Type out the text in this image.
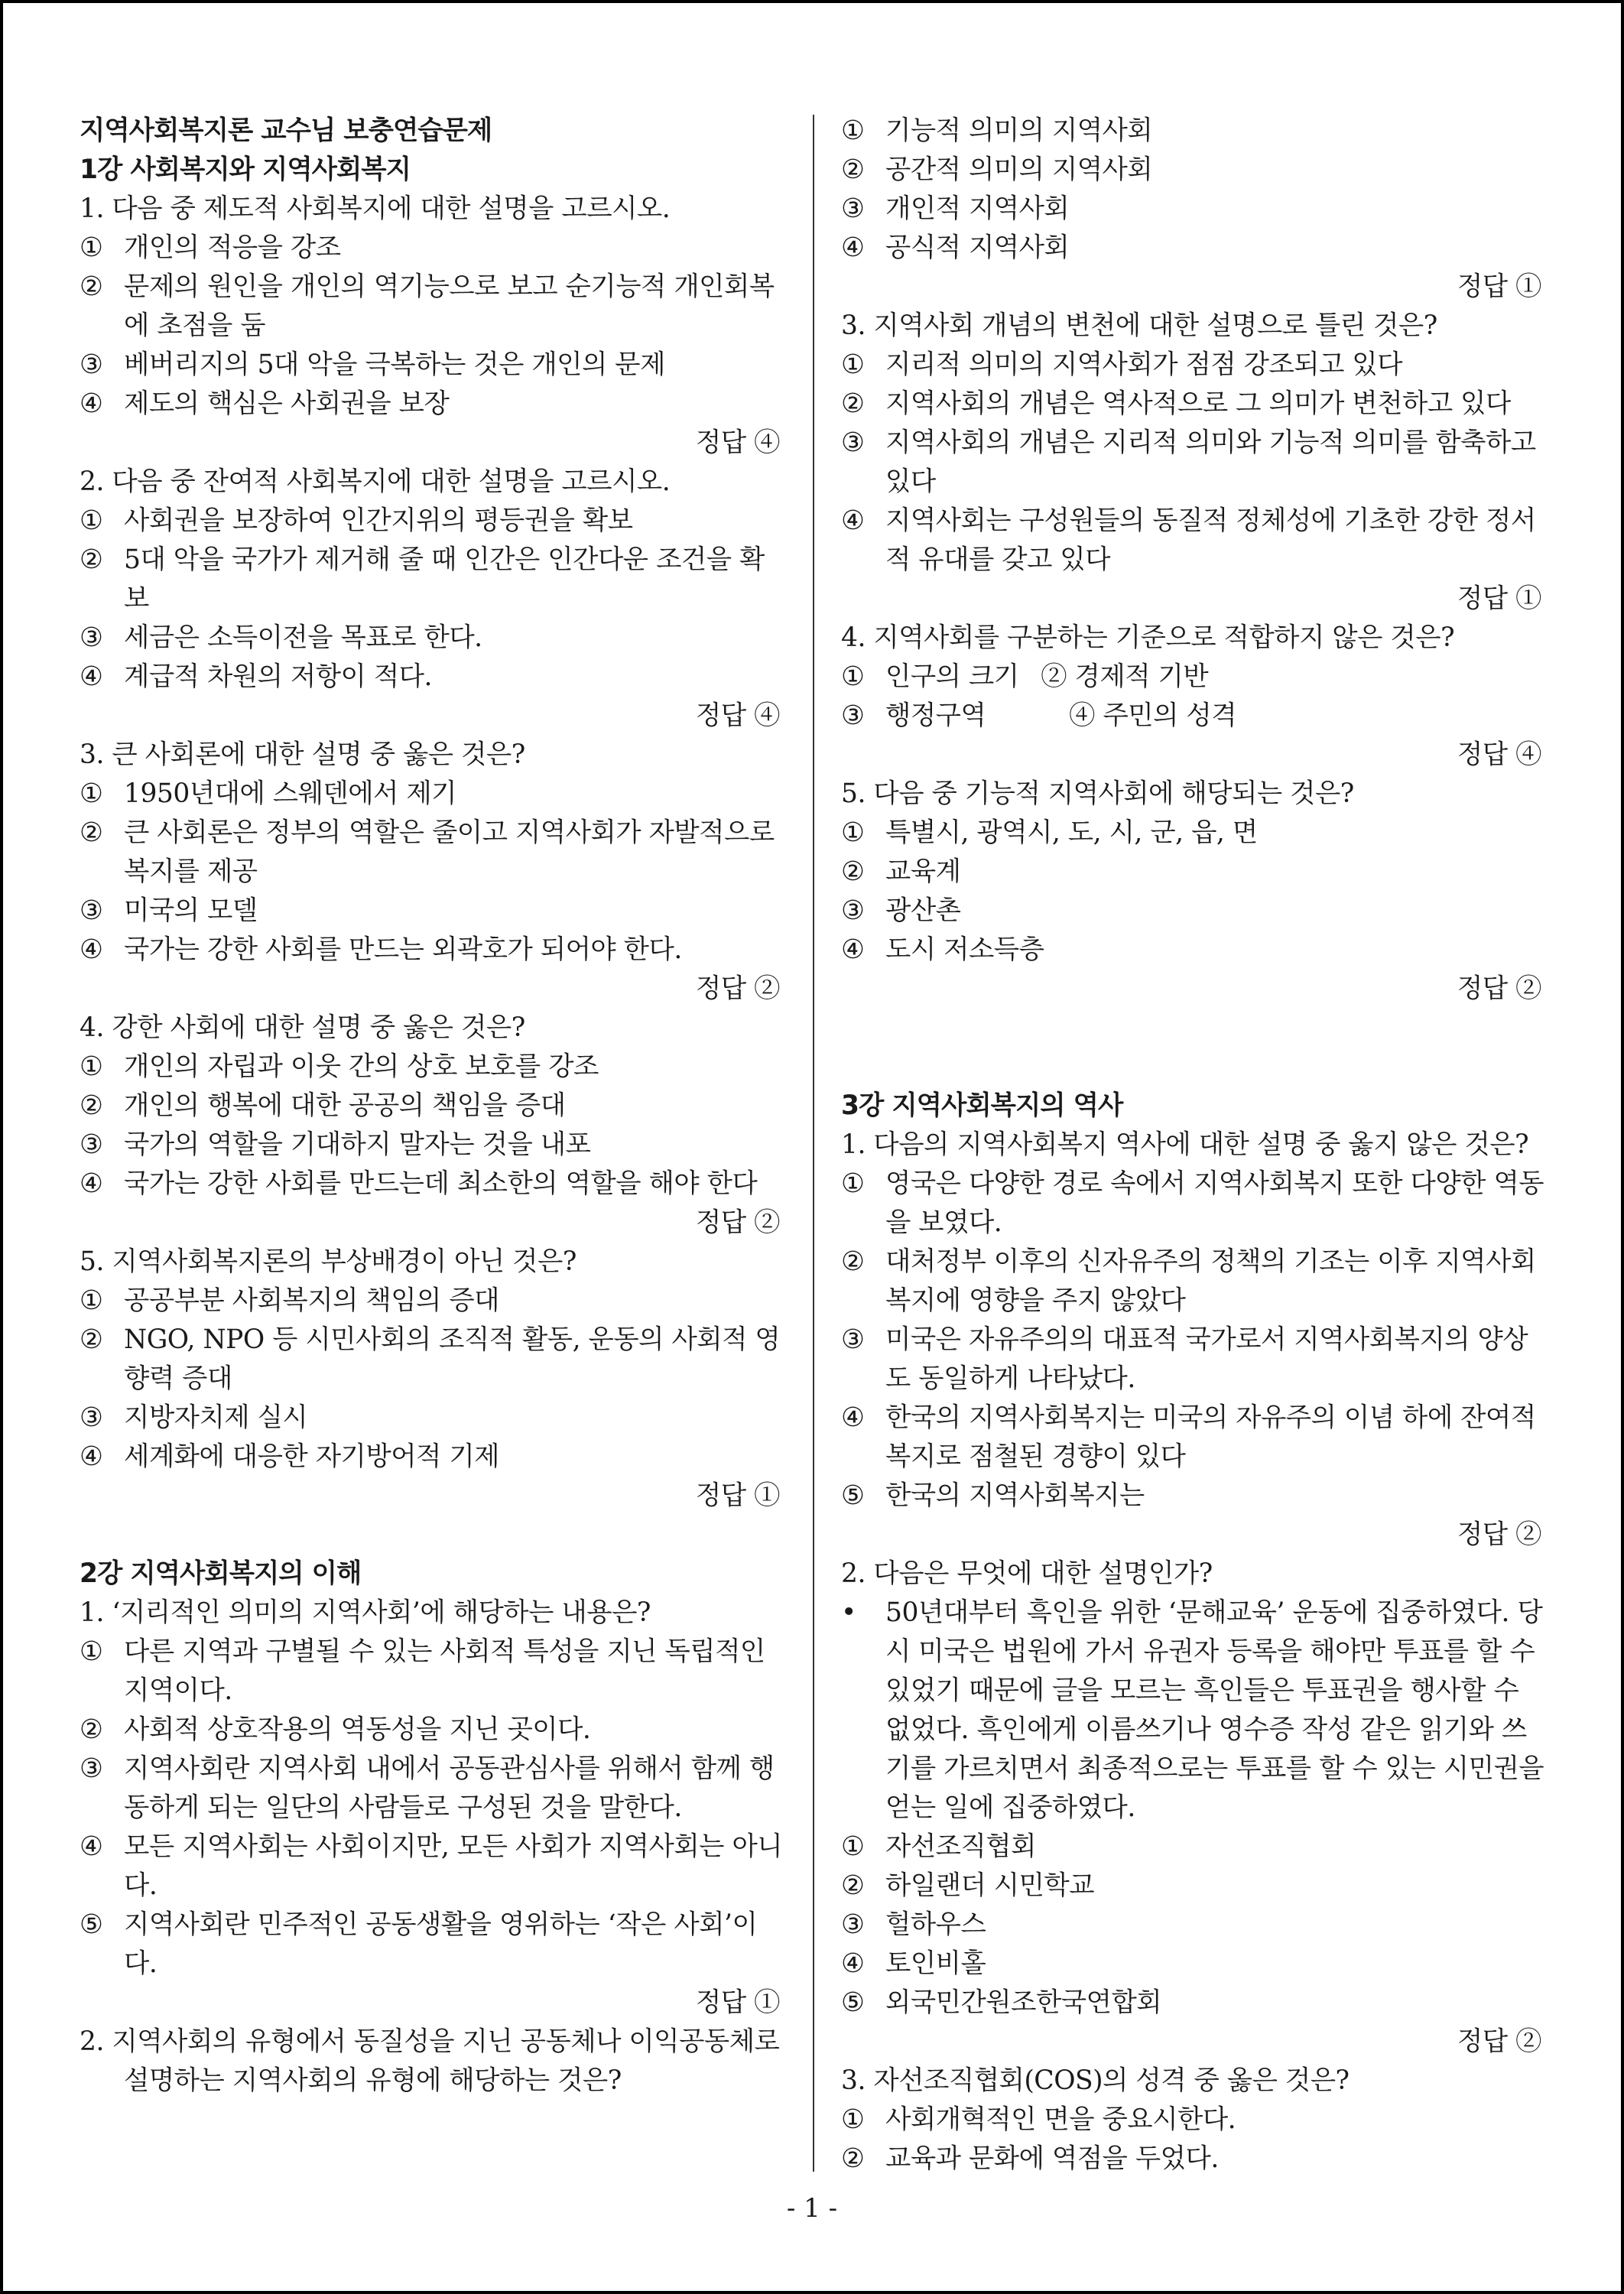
지역사회복지론 교수님 보충연습문제
1강 사회복지와 지역사회복지
1. 다음 중 제도적 사회복지에 대한 설명을 고르시오.
① 개인의 적응을 강조
② 문제의 원인을 개인의 역기능으로 보고 순기능적 개인회복에 초점을 둠
③ 베버리지의 5대 악을 극복하는 것은 개인의 문제
④ 제도의 핵심은 사회권을 보장
정답 ④
2. 다음 중 잔여적 사회복지에 대한 설명을 고르시오.
① 사회권을 보장하여 인간지위의 평등권을 확보
② 5대 악을 국가가 제거해 줄 때 인간은 인간다운 조건을 확보
③ 세금은 소득이전을 목표로 한다.
④ 계급적 차원의 저항이 적다.
정답 ④
3. 큰 사회론에 대한 설명 중 옳은 것은?
① 1950년대에 스웨덴에서 제기
② 큰 사회론은 정부의 역할은 줄이고 지역사회가 자발적으로 복지를 제공
③ 미국의 모델
④ 국가는 강한 사회를 만드는 외곽호가 되어야 한다.
정답 ②
4. 강한 사회에 대한 설명 중 옳은 것은?
① 개인의 자립과 이웃 간의 상호 보호를 강조
② 개인의 행복에 대한 공공의 책임을 증대
③ 국가의 역할을 기대하지 말자는 것을 내포
④ 국가는 강한 사회를 만드는데 최소한의 역할을 해야 한다
정답 ②
5. 지역사회복지론의 부상배경이 아닌 것은?
① 공공부분 사회복지의 책임의 증대
② NGO, NPO 등 시민사회의 조직적 활동, 운동의 사회적 영향력 증대
③ 지방자치제 실시
④ 세계화에 대응한 자기방어적 기제
정답 ①
2강 지역사회복지의 이해
1. ‘지리적인 의미의 지역사회’에 해당하는 내용은?
① 다른 지역과 구별될 수 있는 사회적 특성을 지닌 독립적인 지역이다.
② 사회적 상호작용의 역동성을 지닌 곳이다.
③ 지역사회란 지역사회 내에서 공동관심사를 위해서 함께 행동하게 되는 일단의 사람들로 구성된 것을 말한다.
④ 모든 지역사회는 사회이지만, 모든 사회가 지역사회는 아니다.
⑤ 지역사회란 민주적인 공동생활을 영위하는 ‘작은 사회’이다.
정답 ①
2. 지역사회의 유형에서 동질성을 지닌 공동체나 이익공동체로 설명하는 지역사회의 유형에 해당하는 것은?
① 기능적 의미의 지역사회
② 공간적 의미의 지역사회
③ 개인적 지역사회
④ 공식적 지역사회
정답 ①
3. 지역사회 개념의 변천에 대한 설명으로 틀린 것은?
① 지리적 의미의 지역사회가 점점 강조되고 있다
② 지역사회의 개념은 역사적으로 그 의미가 변천하고 있다
③ 지역사회의 개념은 지리적 의미와 기능적 의미를 함축하고 있다
④ 지역사회는 구성원들의 동질적 정체성에 기초한 강한 정서적 유대를 갖고 있다
정답 ①
4. 지역사회를 구분하는 기준으로 적합하지 않은 것은?
① 인구의 크기 ② 경제적 기반
③ 행정구역	④ 주민의 성격
정답 ④
5. 다음 중 기능적 지역사회에 해당되는 것은?
① 특별시, 광역시, 도, 시, 군, 읍, 면
② 교육계
③ 광산촌
④ 도시 저소득층
정답 ②
3강 지역사회복지의 역사
1. 다음의 지역사회복지 역사에 대한 설명 중 옳지 않은 것은?
① 영국은 다양한 경로 속에서 지역사회복지 또한 다양한 역동을 보였다.
② 대처정부 이후의 신자유주의 정책의 기조는 이후 지역사회복지에 영향을 주지 않았다
③ 미국은 자유주의의 대표적 국가로서 지역사회복지의 양상도 동일하게 나타났다.
④ 한국의 지역사회복지는 미국의 자유주의 이념 하에 잔여적복지로 점철된 경향이 있다
⑤ 한국의 지역사회복지는
정답 ②
2. 다음은 무엇에 대한 설명인가?
• 50년대부터 흑인을 위한 ‘문해교육’ 운동에 집중하였다. 당시 미국은 법원에 가서 유권자 등록을 해야만 투표를 할 수 있었기 때문에 글을 모르는 흑인들은 투표권을 행사할 수 없었다. 흑인에게 이름쓰기나 영수증 작성 같은 읽기와 쓰기를 가르치면서 최종적으로는 투표를 할 수 있는 시민권을 얻는 일에 집중하였다.
① 자선조직협회
② 하일랜더 시민학교
③ 헐하우스
④ 토인비홀
⑤ 외국민간원조한국연합회
정답 ②
3. 자선조직협회(COS)의 성격 중 옳은 것은?
① 사회개혁적인 면을 중요시한다.
② 교육과 문화에 역점을 두었다.
- 1 -
